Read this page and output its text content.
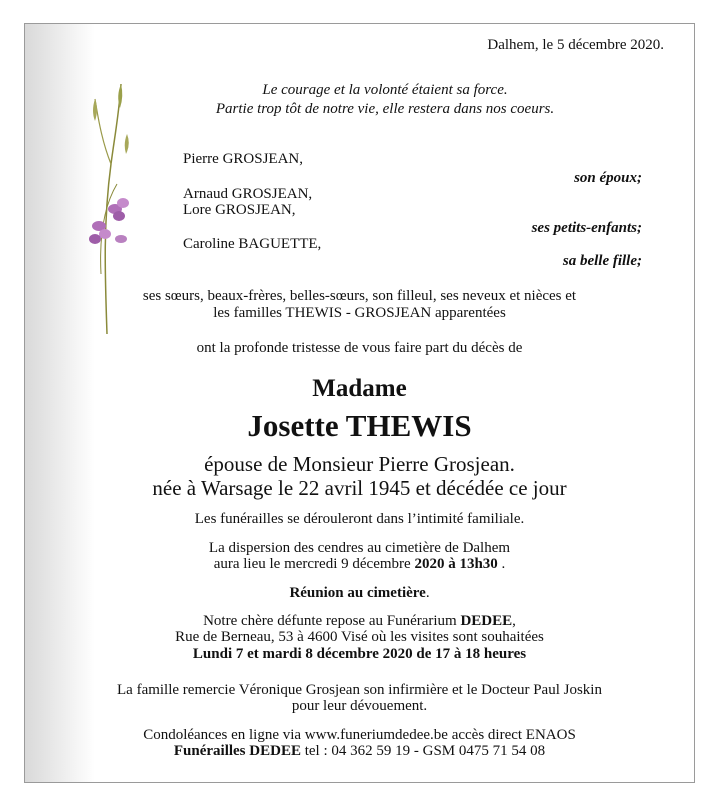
Dalhem, le 5 décembre 2020.

Le courage et la volonté étaient sa force.

Partie trop tôt de notre vie, elle restera dans nos coeurs.

Pierre GROSJEAN,

son époux;

Arnaud GROSJEAN,

Lore GROSJEAN,

ses petits-enfants;

Caroline BAGUETTE,

sa belle fille;

ses sœurs, beaux-frères, belles-sœurs, son filleul, ses neveux et nièces et

les familles THEWIS - GROSJEAN apparentées

ont la profonde tristesse de vous faire part du décès de

Madame

Josette THEWIS

épouse de Monsieur Pierre Grosjean.

née à Warsage le 22 avril 1945 et décédée ce jour

Les funérailles se dérouleront dans l’intimité familiale.

La dispersion des cendres au cimetière de Dalhem

aura lieu le mercredi 9 décembre 2020 à 13h30 .

Réunion au cimetière.

Notre chère défunte repose au Funérarium DEDEE,

Rue de Berneau, 53 à 4600 Visé où les visites sont souhaitées

Lundi 7 et mardi 8 décembre 2020 de 17 à 18 heures

La famille remercie Véronique Grosjean son infirmière et le Docteur Paul Joskin

pour leur dévouement.

Condoléances en ligne via www.funeriumdedee.be accès direct ENAOS

Funérailles DEDEE tel : 04 362 59 19 - GSM 0475 71 54 08
